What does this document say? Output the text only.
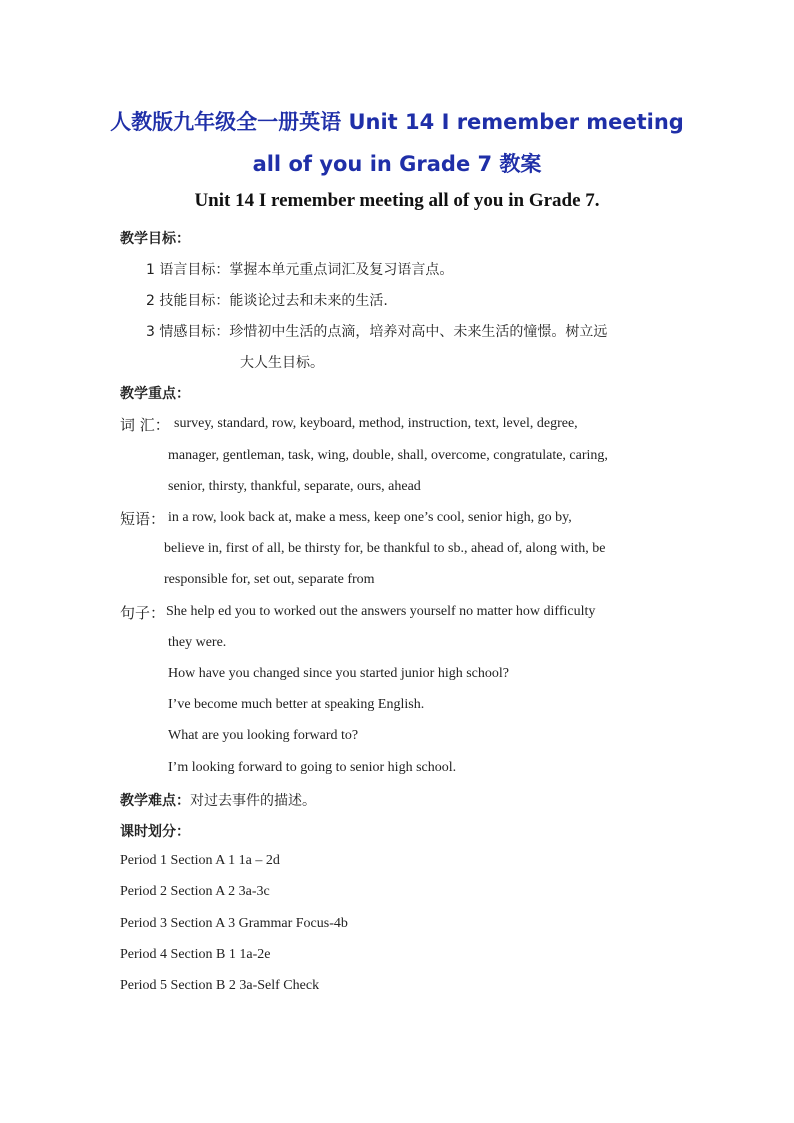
人教版九年级全一册英语 Unit 14 I remember meeting
all of you in Grade 7 教案
Unit 14 I remember meeting all of you in Grade 7.
教学目标：
1 语言目标：掌握本单元重点词汇及复习语言点。
2 技能目标：能谈论过去和未来的生活.
3 情感目标：珍惜初中生活的点滴，培养对高中、未来生活的憧憬。树立远
大人生目标。
教学重点：
词 汇： survey, standard, row, keyboard, method, instruction, text, level, degree,
manager, gentleman, task, wing, double, shall, overcome, congratulate, caring,
senior, thirsty, thankful, separate, ours, ahead
短语： in a row, look back at, make a mess, keep one’s cool, senior high, go by,
believe in, first of all, be thirsty for, be thankful to sb., ahead of, along with, be
responsible for, set out, separate from
句子： She help ed you to worked out the answers yourself no matter how difficulty
they were.
How have you changed since you started junior high school?
I’ve become much better at speaking English.
What are you looking forward to?
I’m looking forward to going to senior high school.
教学难点：对过去事件的描述。
课时划分：
Period 1 Section A 1 1a – 2d
Period 2 Section A 2 3a-3c
Period 3 Section A 3 Grammar Focus-4b
Period 4 Section B 1 1a-2e
Period 5 Section B 2 3a-Self Check
